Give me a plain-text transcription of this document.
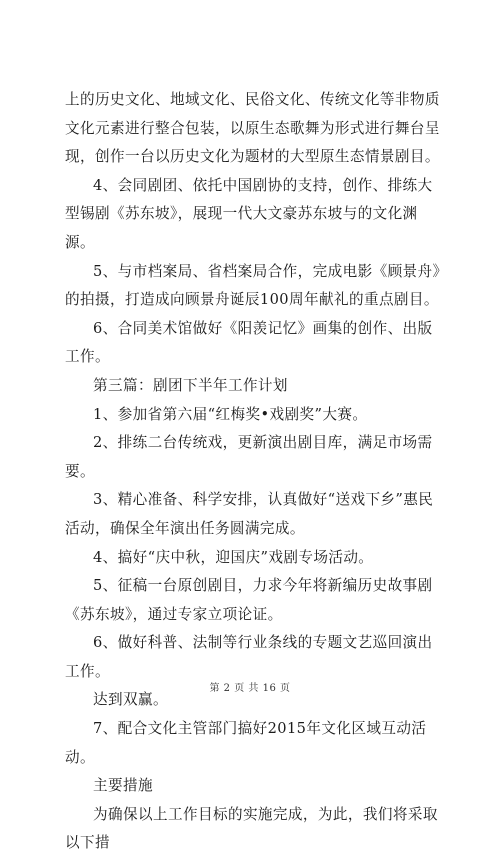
上的历史文化、地域文化、民俗文化、传统文化等非物质文化元素进行整合包装，以原生态歌舞为形式进行舞台呈现，创作一台以历史文化为题材的大型原生态情景剧目。

4、会同剧团、依托中国剧协的支持，创作、排练大型锡剧《苏东坡》，展现一代大文豪苏东坡与的文化渊源。

5、与市档案局、省档案局合作，完成电影《顾景舟》的拍摄，打造成向顾景舟诞辰100周年献礼的重点剧目。

6、合同美术馆做好《阳羡记忆》画集的创作、出版工作。

第三篇：剧团下半年工作计划

1、参加省第六届“红梅奖•戏剧奖”大赛。

2、排练二台传统戏，更新演出剧目库，满足市场需要。

3、精心准备、科学安排，认真做好“送戏下乡”惠民活动，确保全年演出任务圆满完成。

4、搞好“庆中秋，迎国庆”戏剧专场活动。

5、征稿一台原创剧目，力求今年将新编历史故事剧《苏东坡》，通过专家立项论证。

6、做好科普、法制等行业条线的专题文艺巡回演出工作。

达到双赢。

7、配合文化主管部门搞好2015年文化区域互动活动。

主要措施

为确保以上工作目标的实施完成，为此，我们将采取以下措

第 2 页 共 16 页
